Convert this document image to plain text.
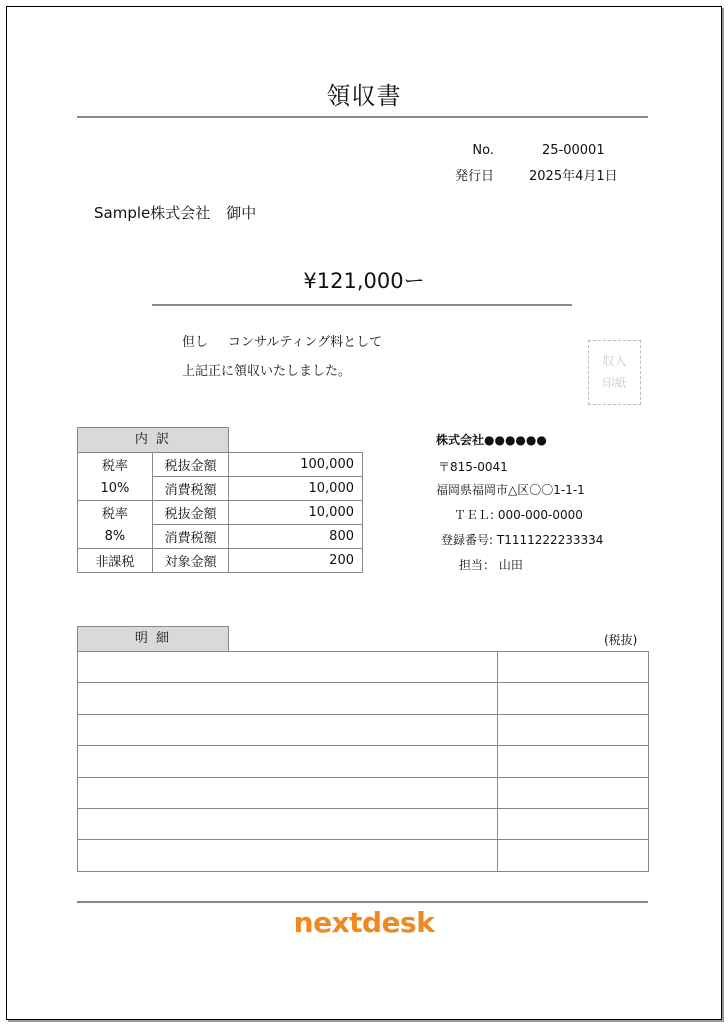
領収書
No.	25-00001
発行日	2025年4月1日
Sample株式会社 御中
¥121,000ー
但し コンサルティング料として
上記正に領収いたしました。
収入
印紙
内 訳
税率	税抜金額	100,000
10%	消費税額	10,000
税率	税抜金額	10,000
8%	消費税額	800
非課税	対象金額	200
株式会社●●●●●●
〒815-0041
福岡県福岡市△区〇〇1-1-1
ＴＥＬ: 000-000-0000
登録番号: T1111222233334
担当： 山田
明 細	(税抜)

nextdesk
